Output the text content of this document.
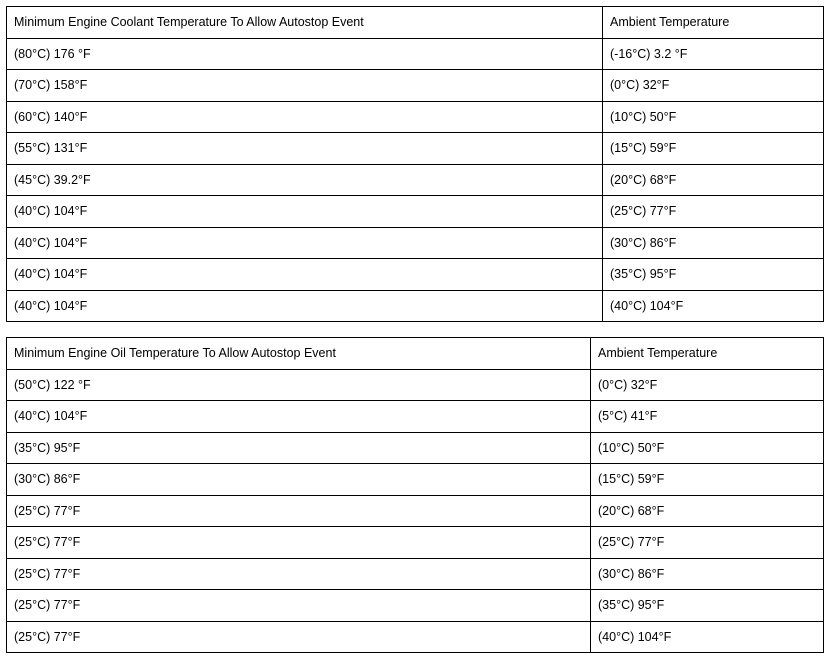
Minimum Engine Coolant Temperature To Allow Autostop Event	Ambient Temperature
(80°C) 176 °F	(-16°C) 3.2 °F
(70°C) 158°F	(0°C) 32°F
(60°C) 140°F	(10°C) 50°F
(55°C) 131°F	(15°C) 59°F
(45°C) 39.2°F	(20°C) 68°F
(40°C) 104°F	(25°C) 77°F
(40°C) 104°F	(30°C) 86°F
(40°C) 104°F	(35°C) 95°F
(40°C) 104°F	(40°C) 104°F
Minimum Engine Oil Temperature To Allow Autostop Event	Ambient Temperature
(50°C) 122 °F	(0°C) 32°F
(40°C) 104°F	(5°C) 41°F
(35°C) 95°F	(10°C) 50°F
(30°C) 86°F	(15°C) 59°F
(25°C) 77°F	(20°C) 68°F
(25°C) 77°F	(25°C) 77°F
(25°C) 77°F	(30°C) 86°F
(25°C) 77°F	(35°C) 95°F
(25°C) 77°F	(40°C) 104°F
